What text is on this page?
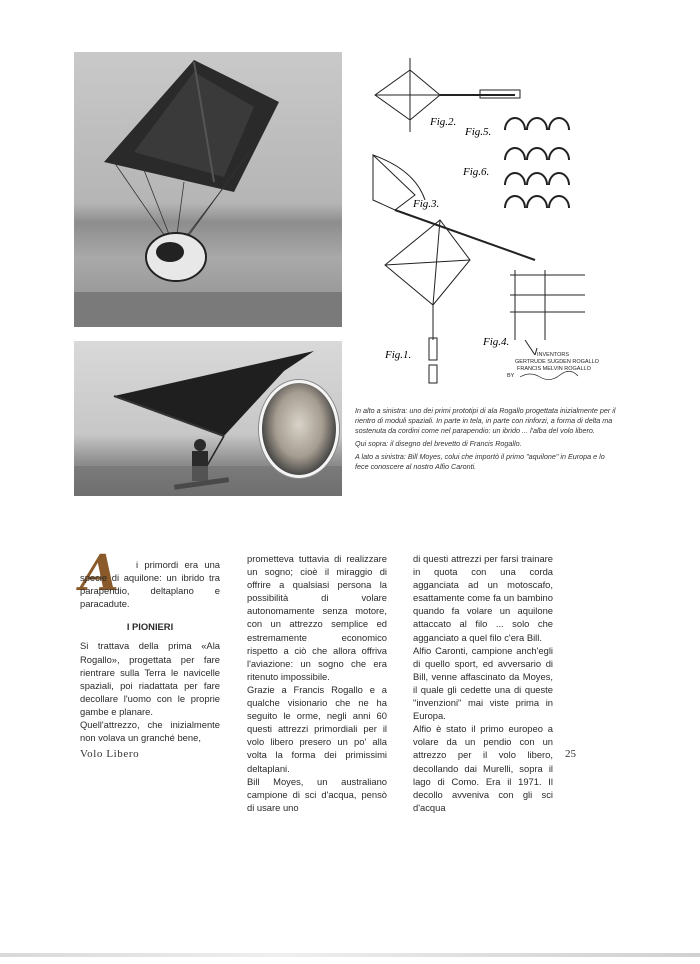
Fig.2.
Fig.5.
Fig.6.
Fig.3.
Fig.1.
Fig.4.
INVENTORS
GERTRUDE SUGDEN ROGALLO
FRANCIS MELVIN ROGALLO
BY

In alto a sinistra: uno dei primi prototipi di ala Rogallo progettata inizialmente per il rientro di moduli spaziali. In parte in tela, in parte con rinforzi, a forma di delta ma sostenuta da cordini come nel parapendio: un ibrido ... l'alba del volo libero.

Qui sopra: il disegno del brevetto di Francis Rogallo.

A lato a sinistra: Bill Moyes, colui che importò il primo "aquilone" in Europa e lo fece conoscere al nostro Alfio Caronti.

A	i primordi era una specie di aquilone: un ibrido tra parapendio, deltaplano e paracadute.

I PIONIERI

Si trattava della prima «Ala Rogallo», progettata per fare rientrare sulla Terra le navicelle spaziali, poi riadattata per fare decollare l'uomo con le proprie gambe e planare.

Quell'attrezzo, che inizialmente non volava un granché bene,

prometteva tuttavia di realizzare un sogno; cioè il miraggio di offrire a qualsiasi persona la possibilità di volare autonomamente senza motore, con un attrezzo semplice ed estremamente economico rispetto a ciò che allora offriva l'aviazione: un sogno che era ritenuto impossibile.

Grazie a Francis Rogallo e a qualche visionario che ne ha seguito le orme, negli anni 60 questi attrezzi primordiali per il volo libero presero un po' alla volta la forma dei primissimi deltaplani.

Bill Moyes, un australiano campione di sci d'acqua, pensò di usare uno

di questi attrezzi per farsi trainare in quota con una corda agganciata ad un motoscafo, esattamente come fa un bambino quando fa volare un aquilone attaccato al filo ... solo che agganciato a quel filo c'era Bill.

Alfio Caronti, campione anch'egli di quello sport, ed avversario di Bill, venne affascinato da Moyes, il quale gli cedette una di queste "invenzioni" mai viste prima in Europa.

Alfio è stato il primo europeo a volare da un pendio con un attrezzo per il volo libero, decollando dai Murelli, sopra il lago di Como. Era il 1971. Il decollo avveniva con gli sci d'acqua

Volo Libero	25
